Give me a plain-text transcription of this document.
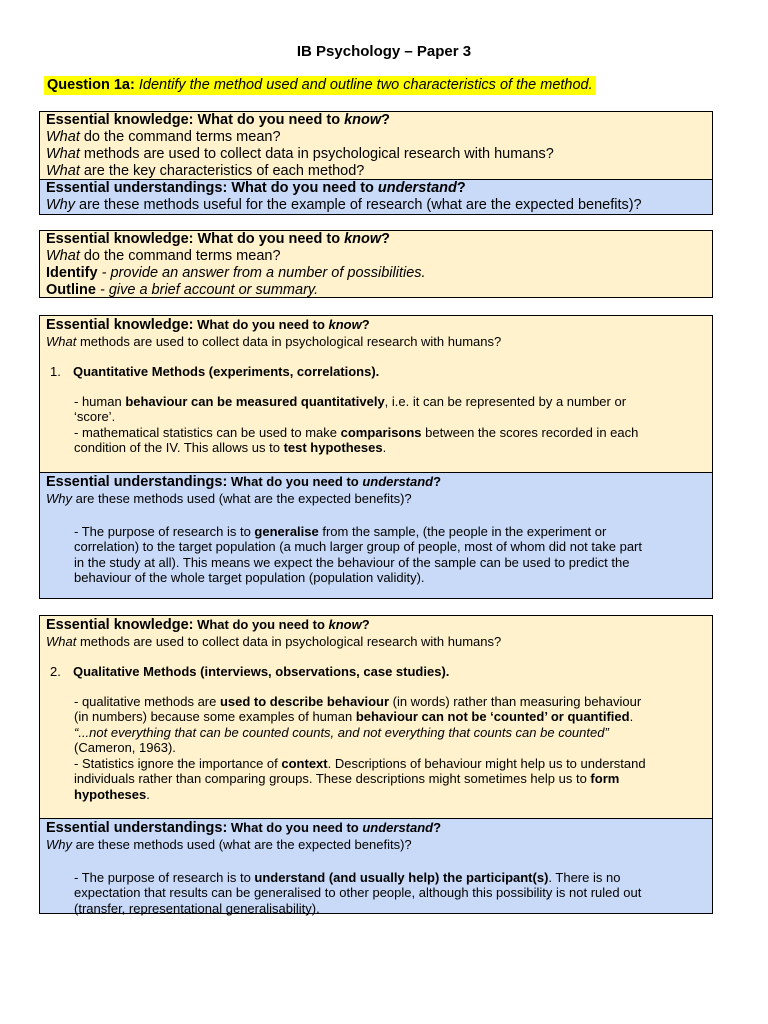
IB Psychology – Paper 3
Question 1a: Identify the method used and outline two characteristics of the method.
Essential knowledge: What do you need to know?
What do the command terms mean?
What methods are used to collect data in psychological research with humans?
What are the key characteristics of each method?
Essential understandings: What do you need to understand?
Why are these methods useful for the example of research (what are the expected benefits)?
Essential knowledge: What do you need to know?
What do the command terms mean?
Identify - provide an answer from a number of possibilities.
Outline - give a brief account or summary.
Essential knowledge: What do you need to know?
What methods are used to collect data in psychological research with humans?
1. Quantitative Methods (experiments, correlations).
- human behaviour can be measured quantitatively, i.e. it can be represented by a number or
‘score’.
- mathematical statistics can be used to make comparisons between the scores recorded in each
condition of the IV. This allows us to test hypotheses.
Essential understandings: What do you need to understand?
Why are these methods used (what are the expected benefits)?
- The purpose of research is to generalise from the sample, (the people in the experiment or
correlation) to the target population (a much larger group of people, most of whom did not take part
in the study at all). This means we expect the behaviour of the sample can be used to predict the
behaviour of the whole target population (population validity).
Essential knowledge: What do you need to know?
What methods are used to collect data in psychological research with humans?
2. Qualitative Methods (interviews, observations, case studies).
- qualitative methods are used to describe behaviour (in words) rather than measuring behaviour
(in numbers) because some examples of human behaviour can not be ‘counted’ or quantified.
“...not everything that can be counted counts, and not everything that counts can be counted”
(Cameron, 1963).
- Statistics ignore the importance of context. Descriptions of behaviour might help us to understand
individuals rather than comparing groups. These descriptions might sometimes help us to form
hypotheses.
Essential understandings: What do you need to understand?
Why are these methods used (what are the expected benefits)?
- The purpose of research is to understand (and usually help) the participant(s). There is no
expectation that results can be generalised to other people, although this possibility is not ruled out
(transfer, representational generalisability).
